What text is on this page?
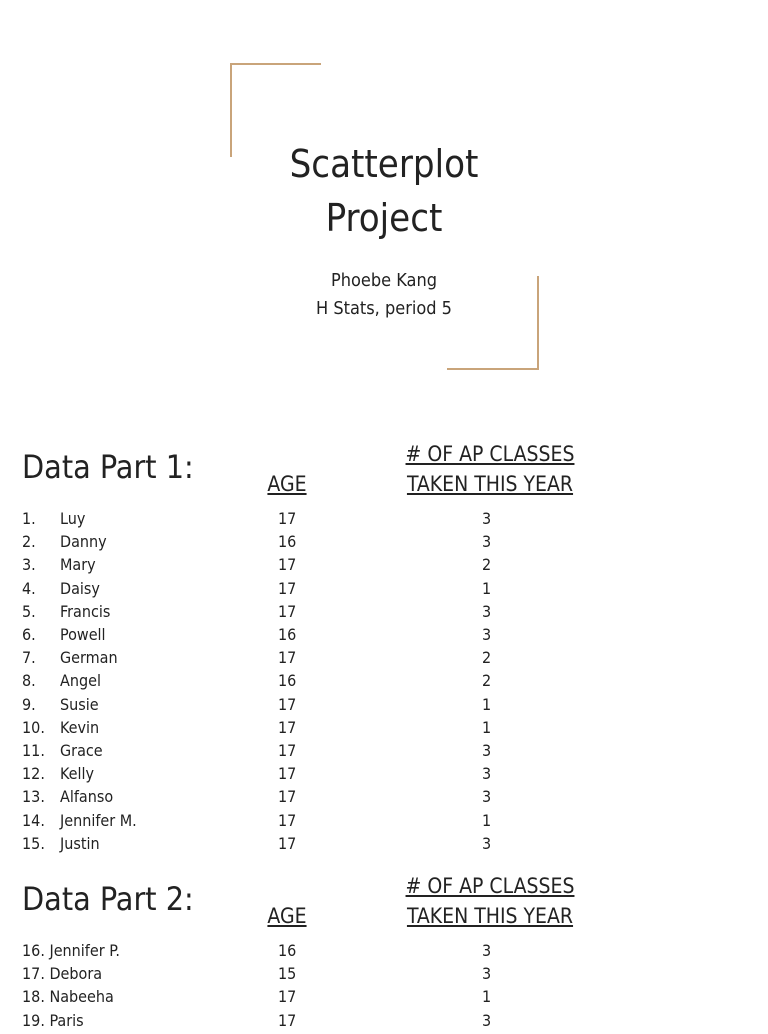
Scatterplot
Project
Phoebe Kang
H Stats, period 5
Data Part 1:	AGE
# OF AP CLASSES
TAKEN THIS YEAR
1. Luy	17	3
2. Danny	16	3
3. Mary	17	2
4. Daisy	17	1
5. Francis	17	3
6. Powell	16	3
7. German	17	2
8. Angel	16	2
9. Susie	17	1
10. Kevin	17	1
11. Grace	17	3
12. Kelly	17	3
13. Alfanso	17	3
14. Jennifer M.	17	1
15. Justin	17	3
Data Part 2:	AGE
# OF AP CLASSES
TAKEN THIS YEAR
16. Jennifer P.	16	3
17. Debora	15	3
18. Nabeeha	17	1
19. Paris	17	3
